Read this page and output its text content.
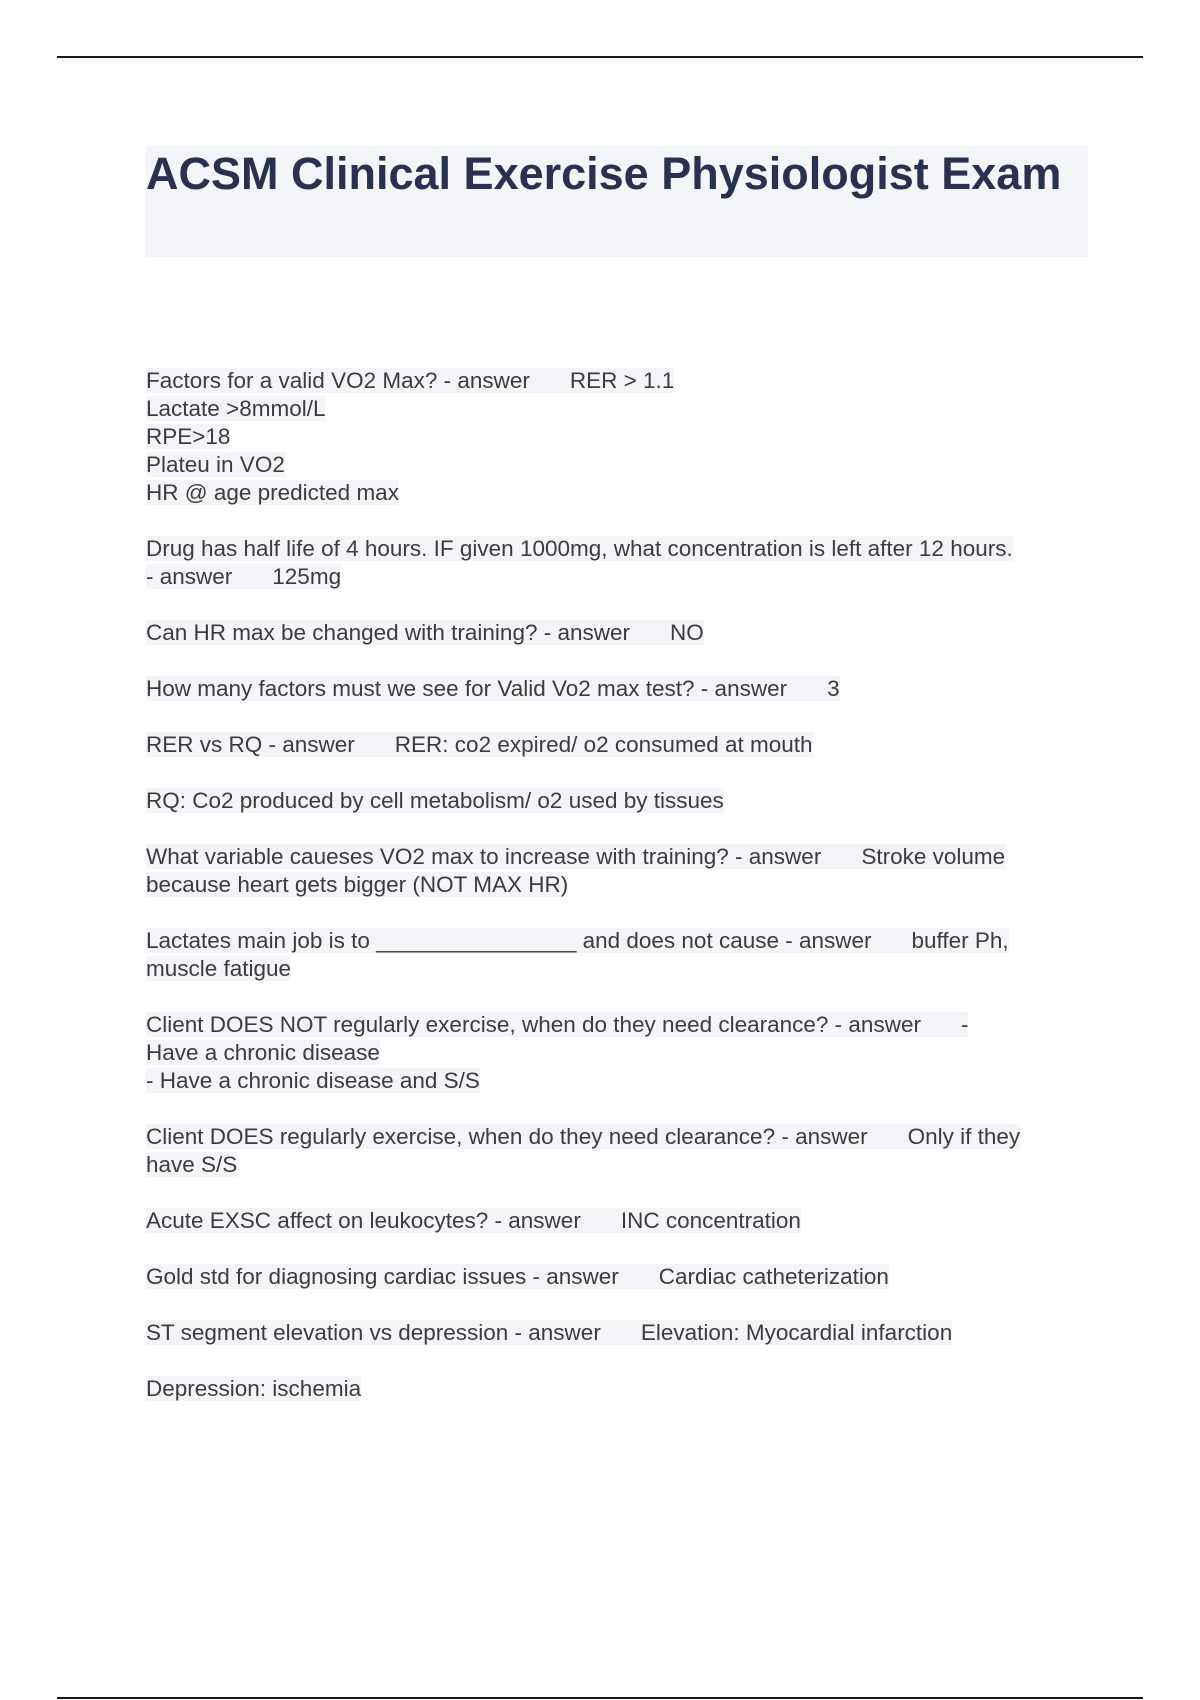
ACSM Clinical Exercise Physiologist Exam
Factors for a valid VO2 Max? - answer RER > 1.1
Lactate >8mmol/L
RPE>18
Plateu in VO2
HR @ age predicted max
Drug has half life of 4 hours. IF given 1000mg, what concentration is left after 12 hours.
- answer 125mg
Can HR max be changed with training? - answer NO
How many factors must we see for Valid Vo2 max test? - answer 3
RER vs RQ - answer RER: co2 expired/ o2 consumed at mouth
RQ: Co2 produced by cell metabolism/ o2 used by tissues
What variable caueses VO2 max to increase with training? - answer Stroke volume
because heart gets bigger (NOT MAX HR)
Lactates main job is to ________________ and does not cause - answer buffer Ph,
muscle fatigue
Client DOES NOT regularly exercise, when do they need clearance? - answer -
Have a chronic disease
- Have a chronic disease and S/S
Client DOES regularly exercise, when do they need clearance? - answer Only if they
have S/S
Acute EXSC affect on leukocytes? - answer INC concentration
Gold std for diagnosing cardiac issues - answer Cardiac catheterization
ST segment elevation vs depression - answer Elevation: Myocardial infarction
Depression: ischemia
